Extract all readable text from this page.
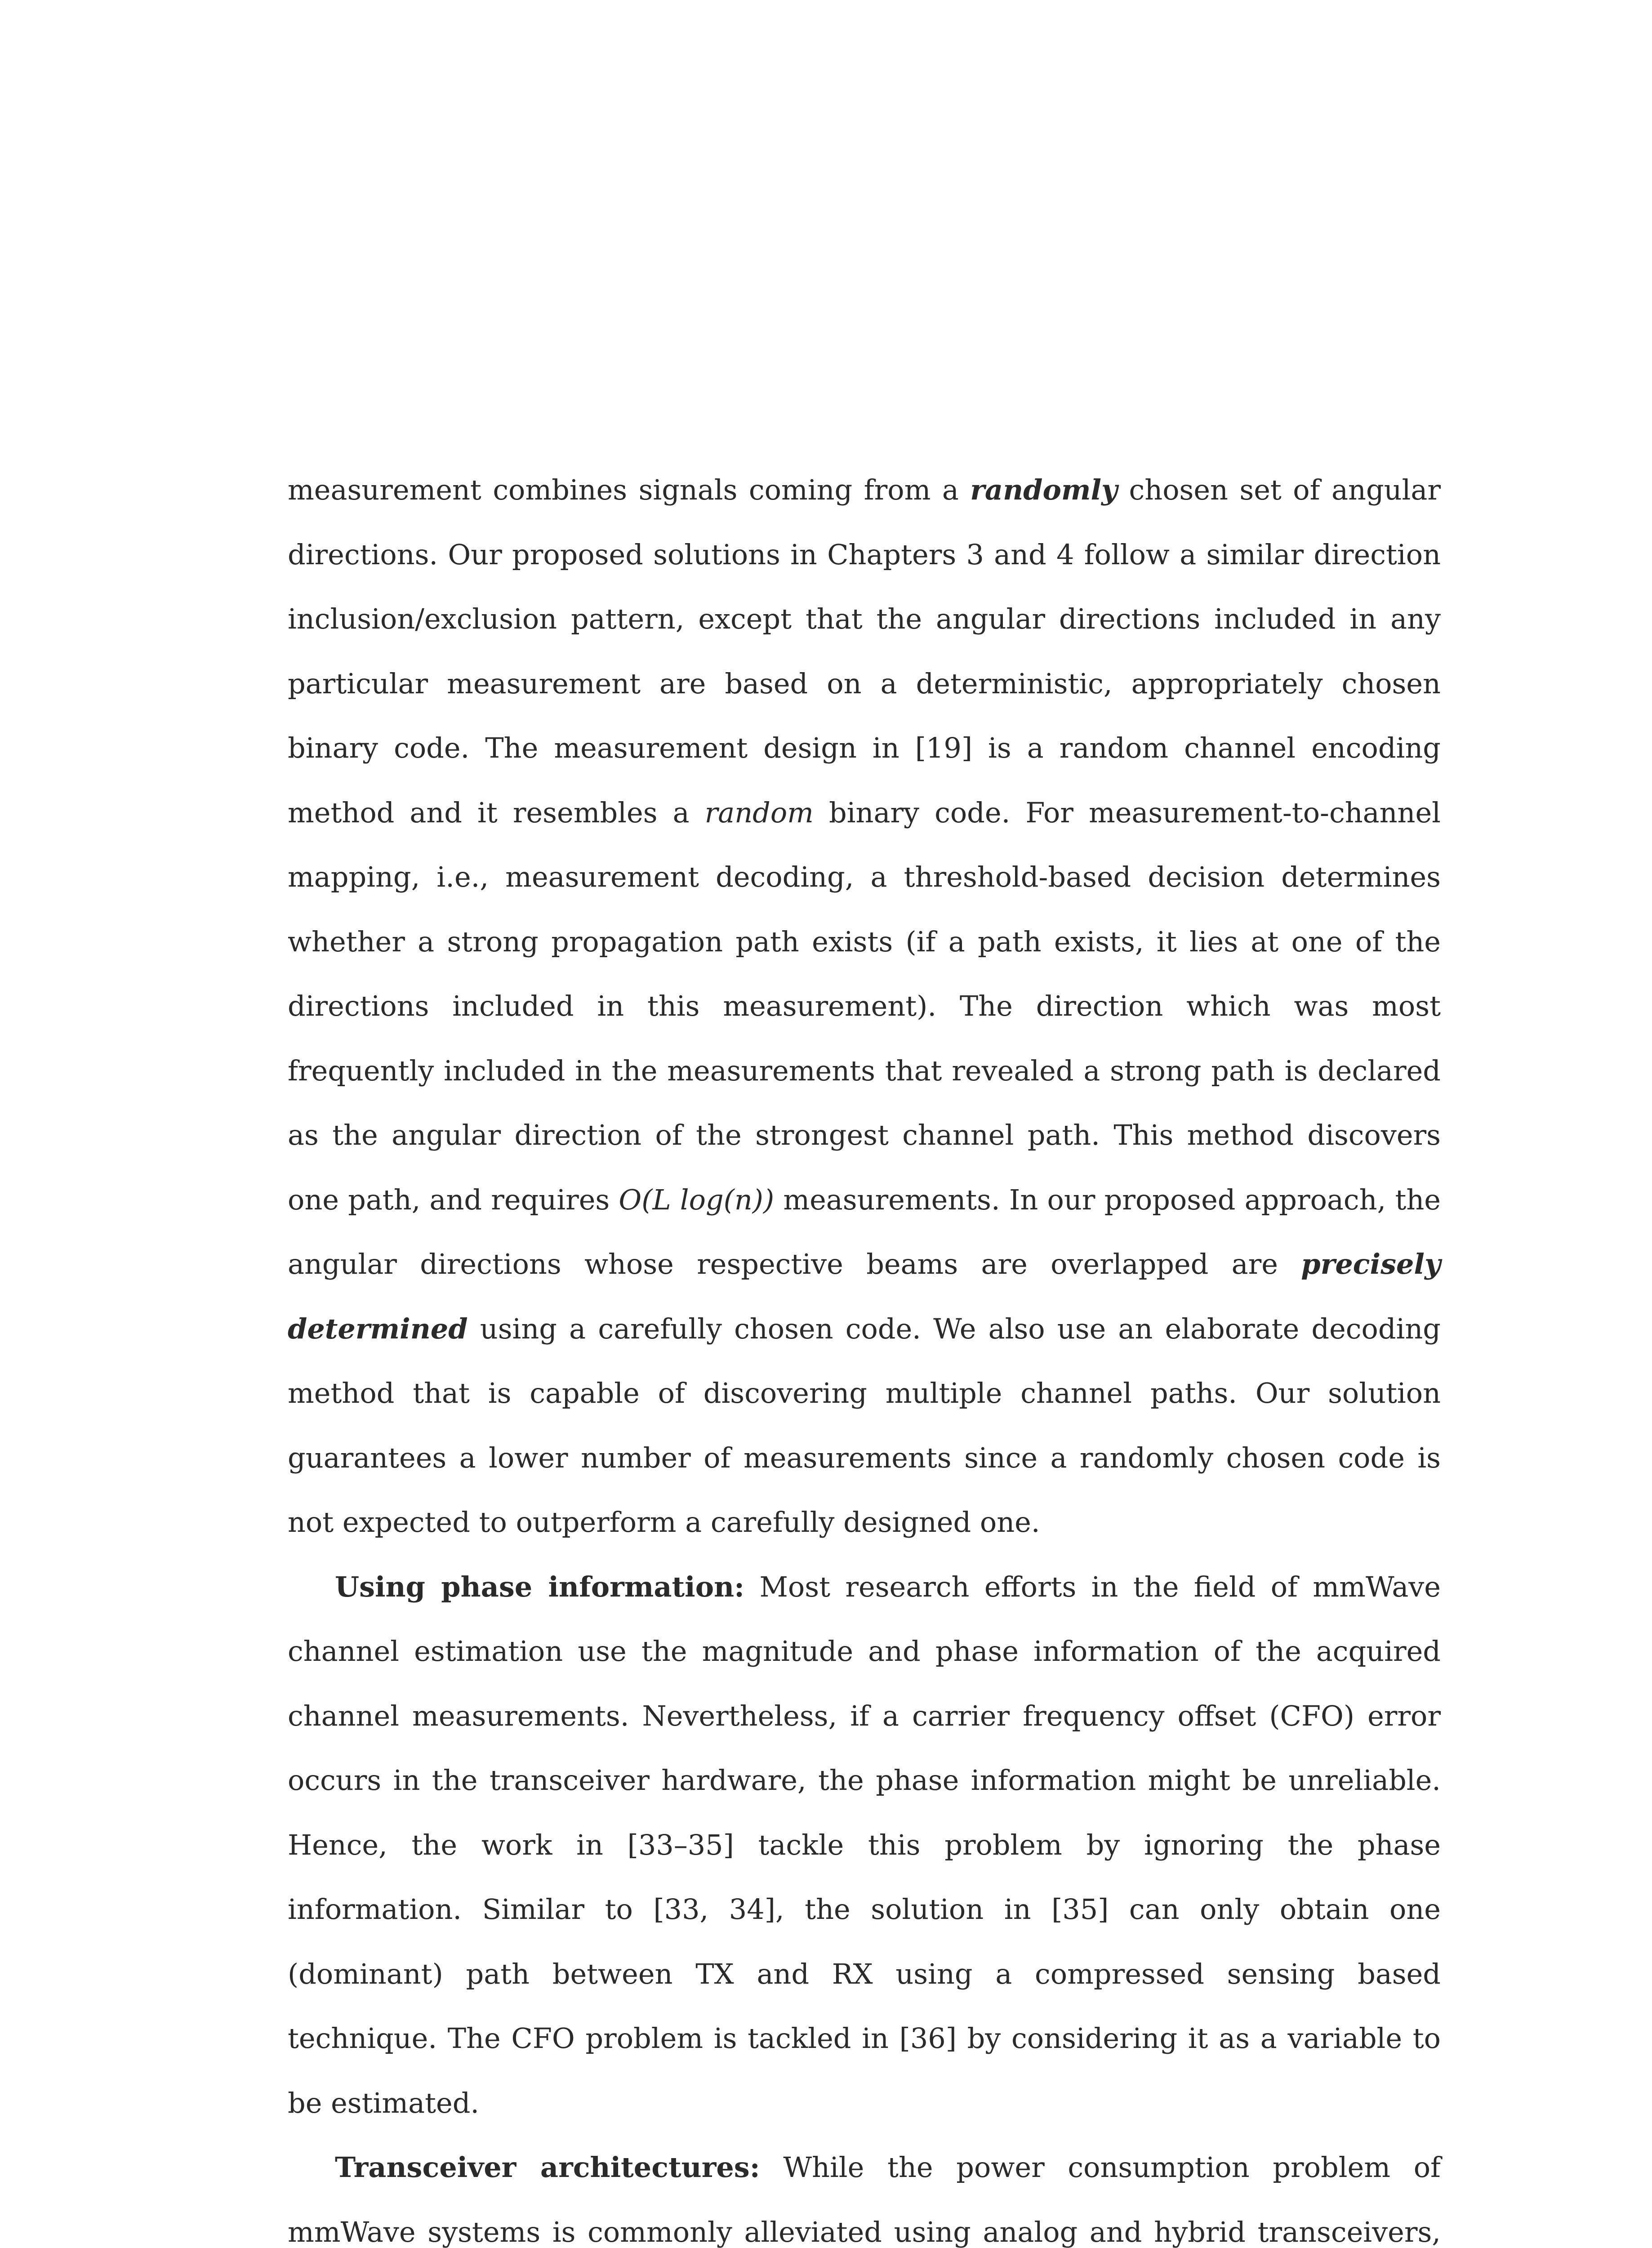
measurement combines signals coming from a randomly chosen set of angular directions. Our proposed solutions in Chapters 3 and 4 follow a similar direction inclusion/exclusion pattern, except that the angular directions included in any particular measurement are based on a deterministic, appropriately chosen binary code. The measurement design in [19] is a random channel encoding method and it resembles a random binary code. For measurement-to-channel mapping, i.e., measurement decoding, a threshold-based decision determines whether a strong propagation path exists (if a path exists, it lies at one of the directions included in this measurement). The direction which was most frequently included in the measurements that revealed a strong path is declared as the angular direction of the strongest channel path. This method discovers one path, and requires O(L log(n)) measurements. In our proposed approach, the angular directions whose respective beams are overlapped are precisely determined using a carefully chosen code. We also use an elaborate decoding method that is capable of discovering multiple channel paths. Our solution guarantees a lower number of measurements since a randomly chosen code is not expected to outperform a carefully designed one.

Using phase information: Most research efforts in the field of mmWave channel estimation use the magnitude and phase information of the acquired channel measurements. Nevertheless, if a carrier frequency offset (CFO) error occurs in the transceiver hardware, the phase information might be unreliable. Hence, the work in [33–35] tackle this problem by ignoring the phase information. Similar to [33, 34], the solution in [35] can only obtain one (dominant) path between TX and RX using a compressed sensing based technique. The CFO problem is tackled in [36] by considering it as a variable to be estimated.

Transceiver architectures: While the power consumption problem of mmWave systems is commonly alleviated using analog and hybrid transceivers,
